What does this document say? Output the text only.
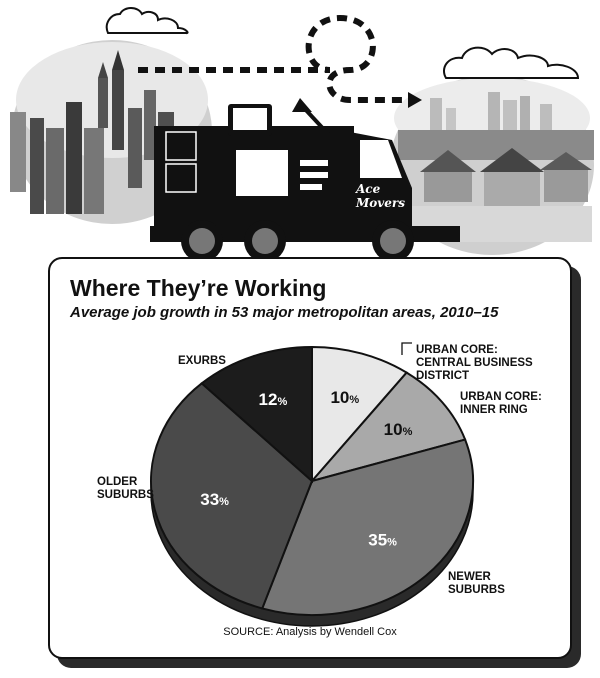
Ace
Movers
10%
URBAN CORE: CENTRAL BUSINESS DISTRICT
10%
URBAN CORE: INNER RING
35%
NEWER SUBURBS
33%
OLDER SUBURBS
12%
EXURBS
Where They’re Working
Average job growth in 53 major metropolitan areas, 2010–15
SOURCE: Analysis by Wendell Cox
